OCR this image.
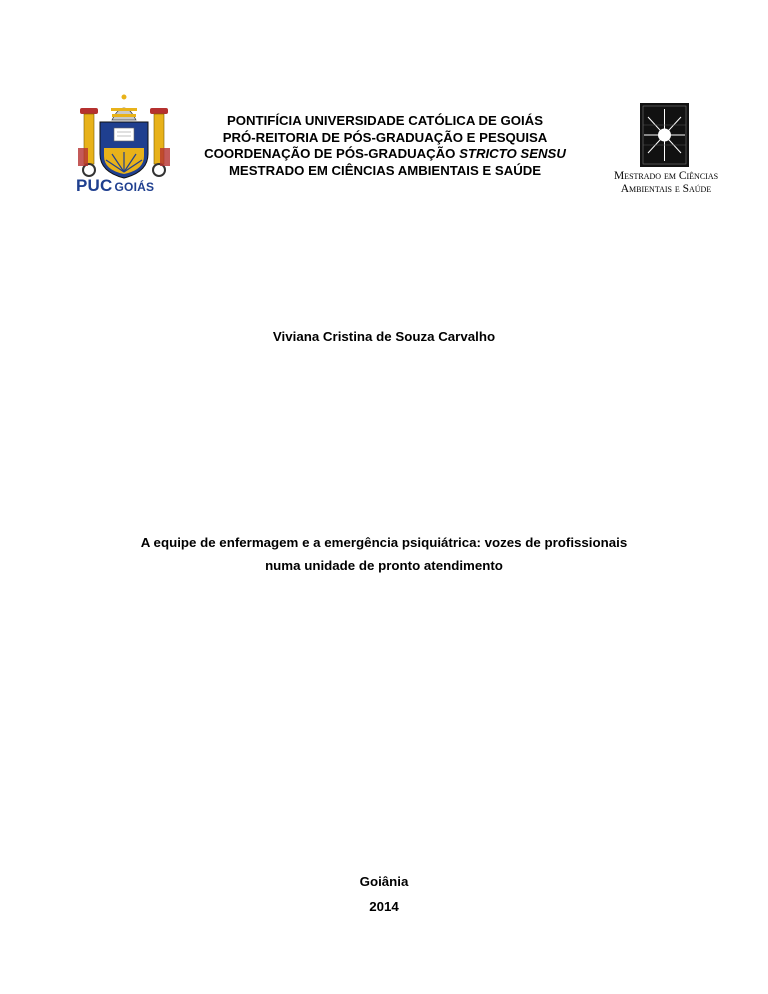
PUC GOIÁS
PONTIFÍCIA UNIVERSIDADE CATÓLICA DE GOIÁS
PRÓ-REITORIA DE PÓS-GRADUAÇÃO E PESQUISA
COORDENAÇÃO DE PÓS-GRADUAÇÃO STRICTO SENSU
MESTRADO EM CIÊNCIAS AMBIENTAIS E SAÚDE	Mestrado em Ciências
Ambientais e Saúde
Viviana Cristina de Souza Carvalho
A equipe de enfermagem e a emergência psiquiátrica: vozes de profissionais
numa unidade de pronto atendimento
Goiânia
2014
